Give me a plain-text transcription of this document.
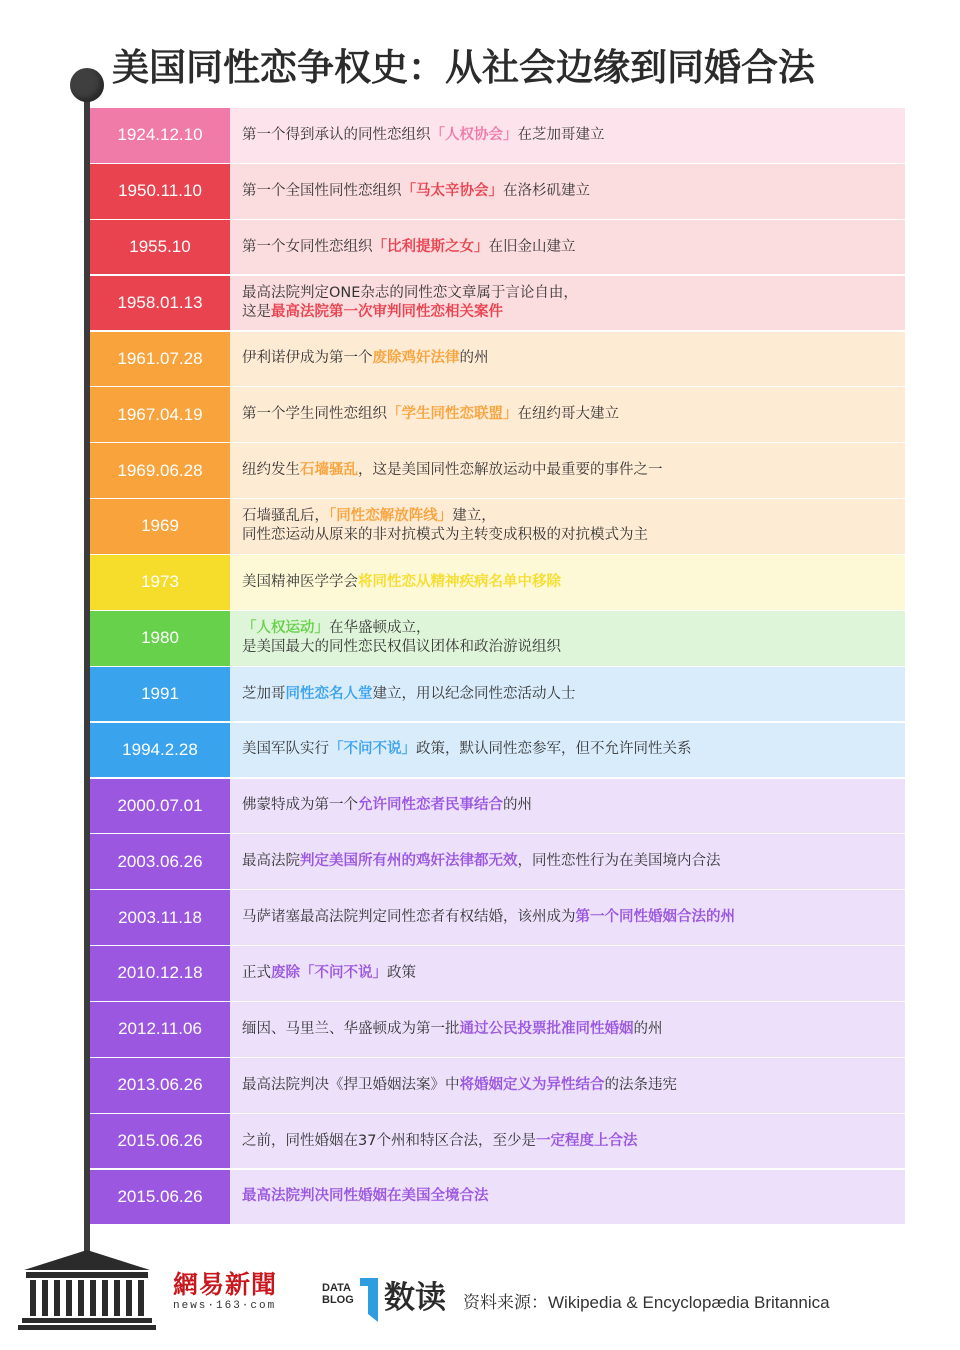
美国同性恋争权史：从社会边缘到同婚合法
1924.12.10	第一个得到承认的同性恋组织「人权协会」在芝加哥建立
1950.11.10	第一个全国性同性恋组织「马太辛协会」在洛杉矶建立
1955.10	第一个女同性恋组织「比利提斯之女」在旧金山建立
1958.01.13	最高法院判定ONE杂志的同性恋文章属于言论自由，
这是最高法院第一次审判同性恋相关案件
1961.07.28	伊利诺伊成为第一个废除鸡奸法律的州
1967.04.19	第一个学生同性恋组织「学生同性恋联盟」在纽约哥大建立
1969.06.28	纽约发生石墙骚乱，这是美国同性恋解放运动中最重要的事件之一
1969	石墙骚乱后，「同性恋解放阵线」建立，
同性恋运动从原来的非对抗模式为主转变成积极的对抗模式为主
1973	美国精神医学学会将同性恋从精神疾病名单中移除
1980	「人权运动」在华盛顿成立，
是美国最大的同性恋民权倡议团体和政治游说组织
1991	芝加哥同性恋名人堂建立，用以纪念同性恋活动人士
1994.2.28	美国军队实行「不问不说」政策，默认同性恋参军，但不允许同性关系
2000.07.01	佛蒙特成为第一个允许同性恋者民事结合的州
2003.06.26	最高法院判定美国所有州的鸡奸法律都无效，同性恋性行为在美国境内合法
2003.11.18	马萨诸塞最高法院判定同性恋者有权结婚，该州成为第一个同性婚姻合法的州
2010.12.18	正式废除「不问不说」政策
2012.11.06	缅因、马里兰、华盛顿成为第一批通过公民投票批准同性婚姻的州
2013.06.26	最高法院判决《捍卫婚姻法案》中将婚姻定义为异性结合的法条违宪
2015.06.26	之前，同性婚姻在37个州和特区合法，至少是一定程度上合法
2015.06.26	最高法院判决同性婚姻在美国全境合法
網易新聞
news·163·com
DATA
BLOG 数读 资料来源：Wikipedia & Encyclopædia Britannica
